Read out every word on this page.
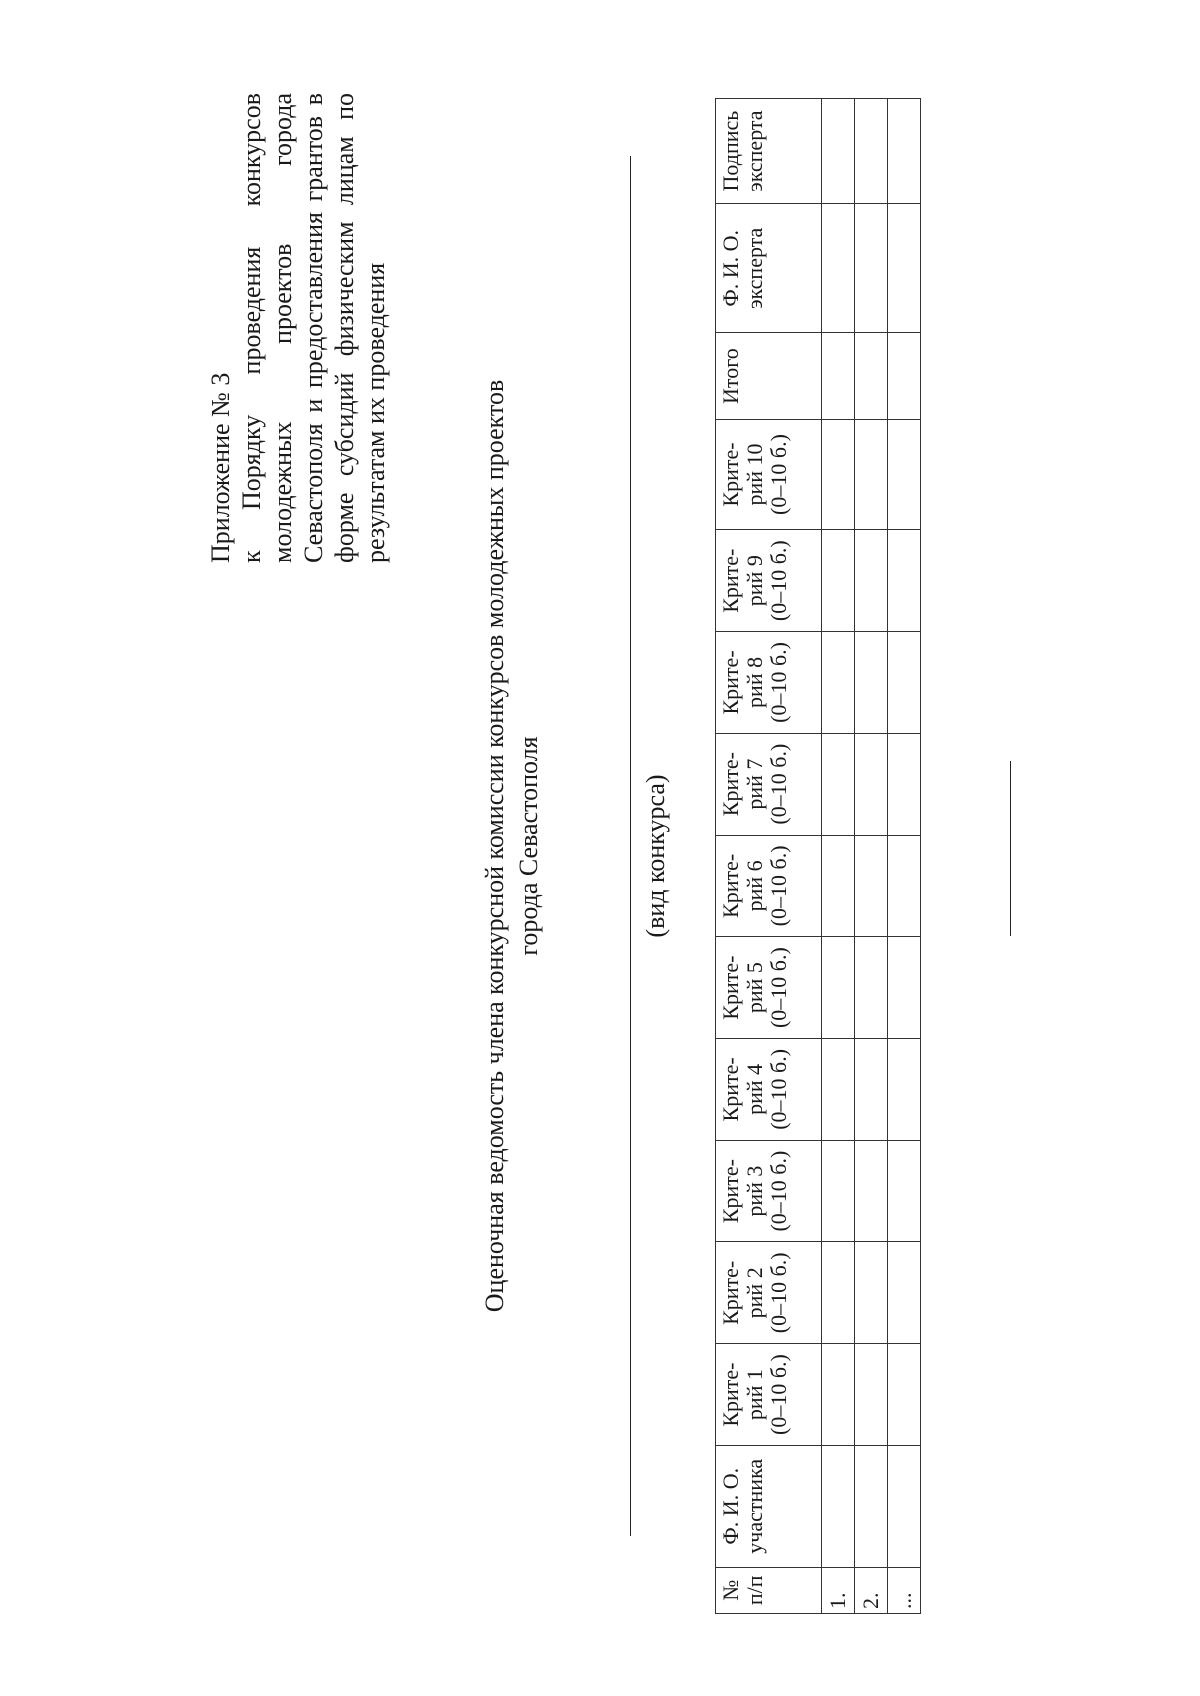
Приложение № 3 к Порядку проведения конкурсов молодежных проектов города Севастополя и предоставления грантов в форме субсидий физическим лицам по результатам их проведения

Оценочная ведомость члена конкурсной комиссии конкурсов молодежных проектов города Севастополя	(вид конкурса)
№ п/п	Ф. И. О. участника	Крите- рий 1 (0–10 б.)	Крите- рий 2 (0–10 б.)	Крите- рий 3 (0–10 б.)	Крите- рий 4 (0–10 б.)	Крите- рий 5 (0–10 б.)	Крите- рий 6 (0–10 б.)	Крите- рий 7 (0–10 б.)	Крите- рий 8 (0–10 б.)	Крите- рий 9 (0–10 б.)	Крите- рий 10 (0–10 б.)	Итого	Ф. И. О. эксперта	Подпись эксперта

1.														
2.														
...														
